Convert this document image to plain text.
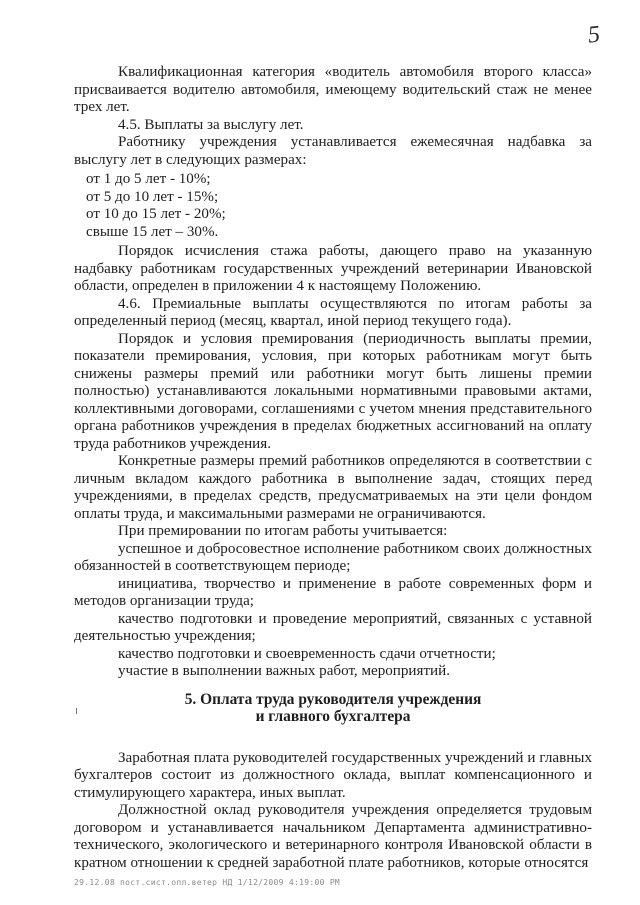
5

Квалификационная категория «водитель автомобиля второго класса» присваивается водителю автомобиля, имеющему водительский стаж не менее трех лет.

4.5. Выплаты за выслугу лет.

Работнику учреждения устанавливается ежемесячная надбавка за выслугу лет в следующих размерах:

от 1 до 5 лет - 10%;

от 5 до 10 лет - 15%;

от 10 до 15 лет - 20%;

свыше 15 лет – 30%.

Порядок исчисления стажа работы, дающего право на указанную надбавку работникам государственных учреждений ветеринарии Ивановской области, определен в приложении 4 к настоящему Положению.

4.6. Премиальные выплаты осуществляются по итогам работы за определенный период (месяц, квартал, иной период текущего года).

Порядок и условия премирования (периодичность выплаты премии, показатели премирования, условия, при которых работникам могут быть снижены размеры премий или работники могут быть лишены премии полностью) устанавливаются локальными нормативными правовыми актами, коллективными договорами, соглашениями с учетом мнения представительного органа работников учреждения в пределах бюджетных ассигнований на оплату труда работников учреждения.

Конкретные размеры премий работников определяются в соответствии с личным вкладом каждого работника в выполнение задач, стоящих перед учреждениями, в пределах средств, предусматриваемых на эти цели фондом оплаты труда, и максимальными размерами не ограничиваются.

При премировании по итогам работы учитывается:

успешное и добросовестное исполнение работником своих должностных обязанностей в соответствующем периоде;

инициатива, творчество и применение в работе современных форм и методов организации труда;

качество подготовки и проведение мероприятий, связанных с уставной деятельностью учреждения;

качество подготовки и своевременность сдачи отчетности;

участие в выполнении важных работ, мероприятий.

5. Оплата труда руководителя учреждения
и главного бухгалтера

Заработная плата руководителей государственных учреждений и главных бухгалтеров состоит из должностного оклада, выплат компенсационного и стимулирующего характера, иных выплат.

Должностной оклад руководителя учреждения определяется трудовым договором и устанавливается начальником Департамента административно-технического, экологического и ветеринарного контроля Ивановской области в кратном отношении к средней заработной плате работников, которые относятся

29.12.08 пост.сист.опл.ветер НД 1/12/2009 4:19:00 PM
